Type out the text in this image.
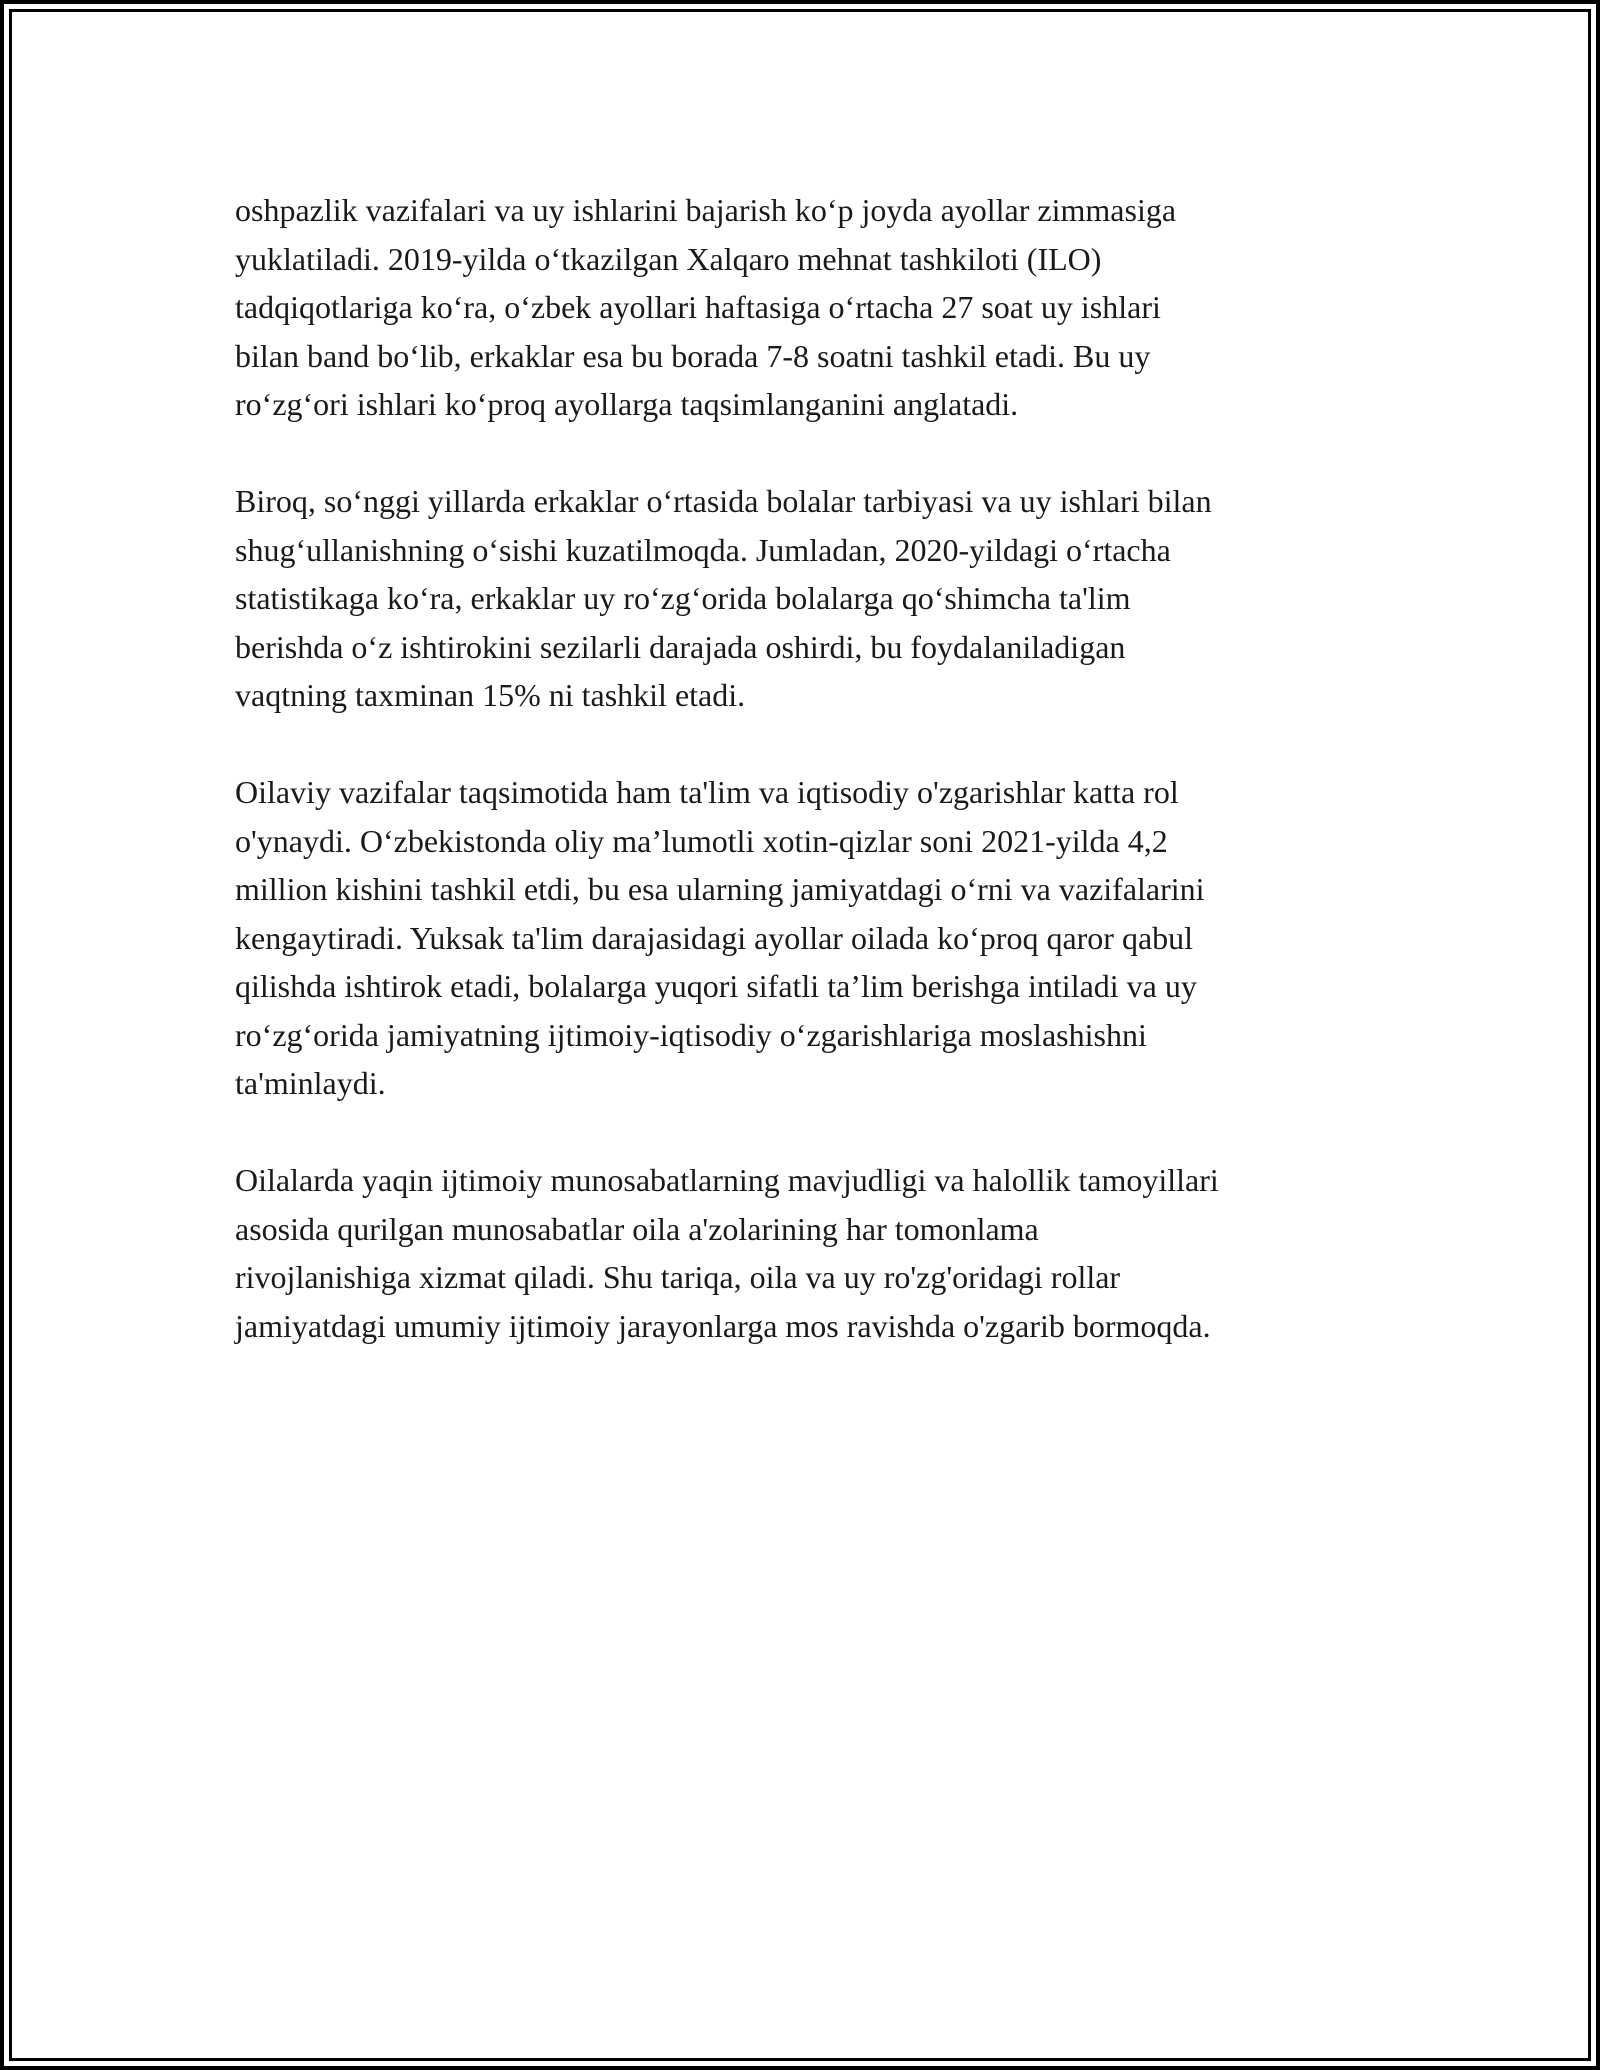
oshpazlik vazifalari va uy ishlarini bajarish ko‘p joyda ayollar zimmasiga
yuklatiladi. 2019-yilda o‘tkazilgan Xalqaro mehnat tashkiloti (ILO)
tadqiqotlariga ko‘ra, o‘zbek ayollari haftasiga o‘rtacha 27 soat uy ishlari
bilan band bo‘lib, erkaklar esa bu borada 7-8 soatni tashkil etadi. Bu uy
ro‘zg‘ori ishlari ko‘proq ayollarga taqsimlanganini anglatadi.

Biroq, so‘nggi yillarda erkaklar o‘rtasida bolalar tarbiyasi va uy ishlari bilan
shug‘ullanishning o‘sishi kuzatilmoqda. Jumladan, 2020-yildagi o‘rtacha
statistikaga ko‘ra, erkaklar uy ro‘zg‘orida bolalarga qo‘shimcha ta'lim
berishda o‘z ishtirokini sezilarli darajada oshirdi, bu foydalaniladigan
vaqtning taxminan 15% ni tashkil etadi.

Oilaviy vazifalar taqsimotida ham ta'lim va iqtisodiy o'zgarishlar katta rol
o'ynaydi. O‘zbekistonda oliy ma’lumotli xotin-qizlar soni 2021-yilda 4,2
million kishini tashkil etdi, bu esa ularning jamiyatdagi o‘rni va vazifalarini
kengaytiradi. Yuksak ta'lim darajasidagi ayollar oilada ko‘proq qaror qabul
qilishda ishtirok etadi, bolalarga yuqori sifatli ta’lim berishga intiladi va uy
ro‘zg‘orida jamiyatning ijtimoiy-iqtisodiy o‘zgarishlariga moslashishni
ta'minlaydi.

Oilalarda yaqin ijtimoiy munosabatlarning mavjudligi va halollik tamoyillari
asosida qurilgan munosabatlar oila a'zolarining har tomonlama
rivojlanishiga xizmat qiladi. Shu tariqa, oila va uy ro'zg'oridagi rollar
jamiyatdagi umumiy ijtimoiy jarayonlarga mos ravishda o'zgarib bormoqda.
